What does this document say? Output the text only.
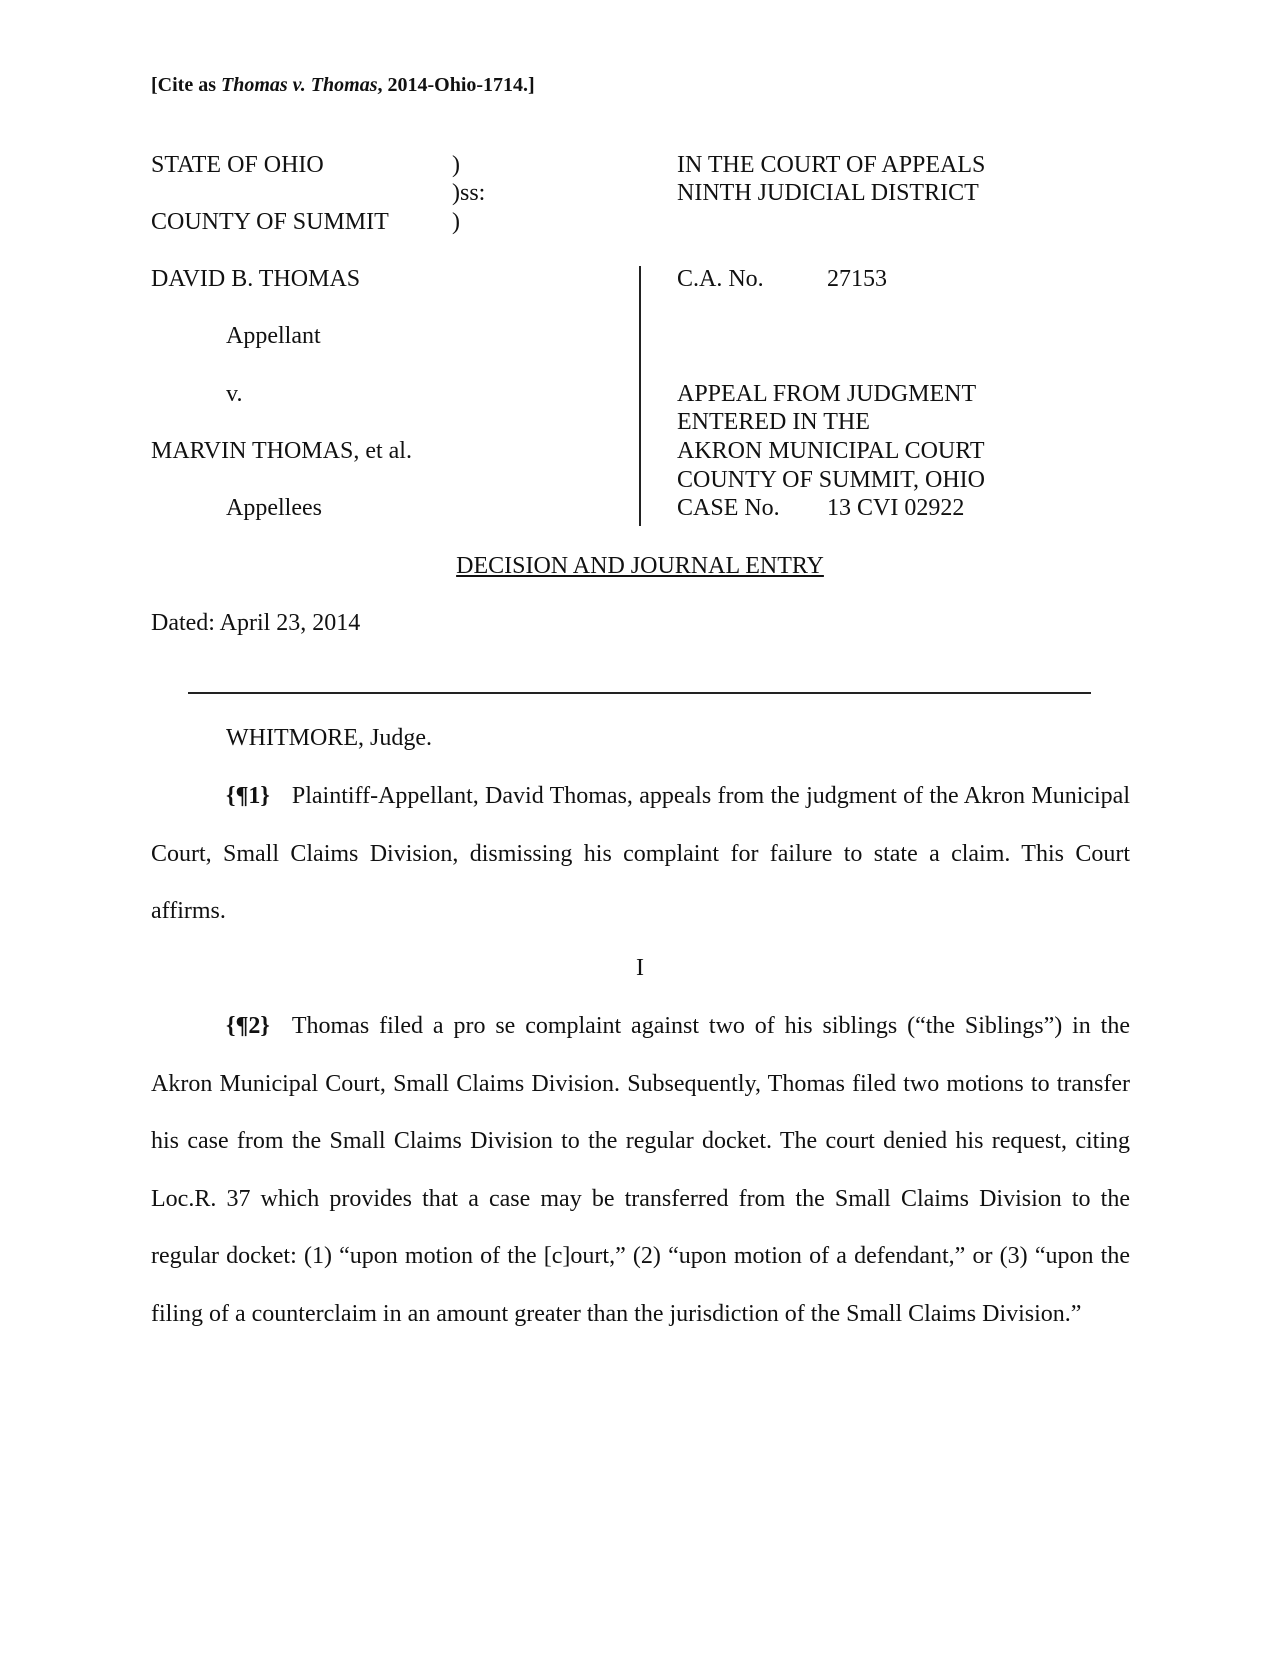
[Cite as Thomas v. Thomas, 2014-Ohio-1714.]
STATE OF OHIO
COUNTY OF SUMMIT
)
)ss:
)
IN THE COURT OF APPEALS
NINTH JUDICIAL DISTRICT
DAVID B. THOMAS
Appellant
v.
MARVIN THOMAS, et al.
Appellees
C.A. No.	27153
APPEAL FROM JUDGMENT
ENTERED IN THE
AKRON MUNICIPAL COURT
COUNTY OF SUMMIT, OHIO
CASE No. 13 CVI 02922
DECISION AND JOURNAL ENTRY
Dated: April 23, 2014
WHITMORE, Judge.
{¶1} Plaintiff-Appellant, David Thomas, appeals from the judgment of the Akron Municipal Court, Small Claims Division, dismissing his complaint for failure to state a claim. This Court affirms.
I
{¶2} Thomas filed a pro se complaint against two of his siblings (“the Siblings”) in the Akron Municipal Court, Small Claims Division. Subsequently, Thomas filed two motions to transfer his case from the Small Claims Division to the regular docket. The court denied his request, citing Loc.R. 37 which provides that a case may be transferred from the Small Claims Division to the regular docket: (1) “upon motion of the [c]ourt,” (2) “upon motion of a defendant,” or (3) “upon the filing of a counterclaim in an amount greater than the jurisdiction of the Small Claims Division.”
